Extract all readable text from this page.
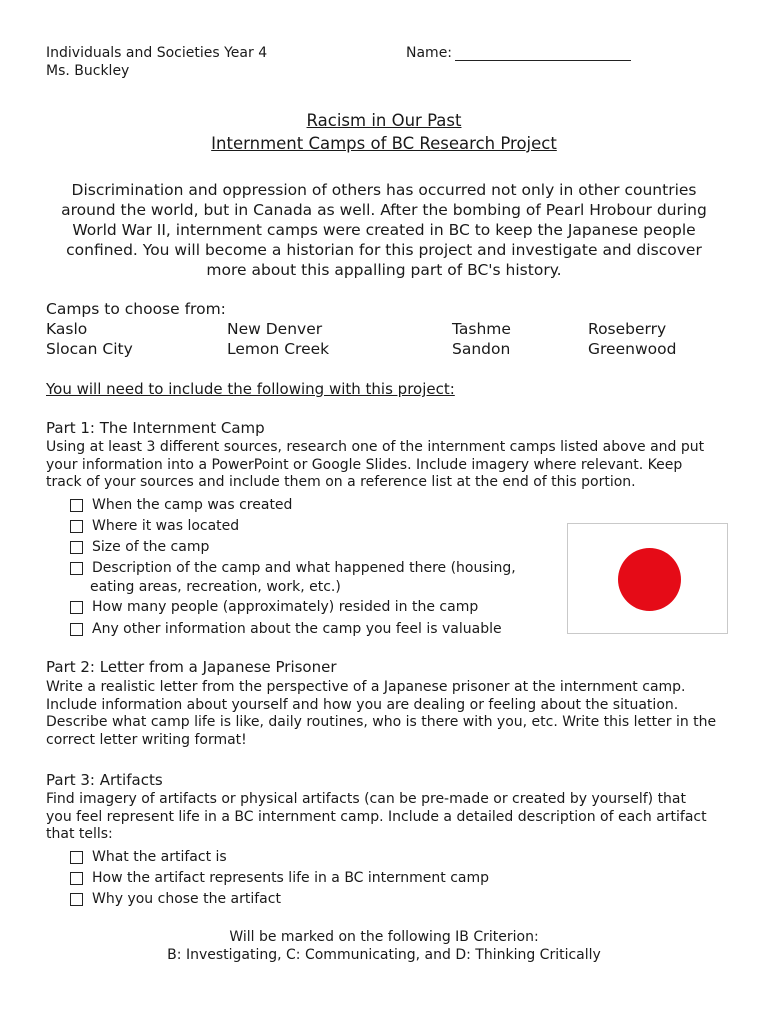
Individuals and Societies Year 4
Ms. Buckley
Name:
Racism in Our Past
Internment Camps of BC Research Project
Discrimination and oppression of others has occurred not only in other countries around the world, but in Canada as well. After the bombing of Pearl Hrobour during World War II, internment camps were created in BC to keep the Japanese people confined. You will become a historian for this project and investigate and discover more about this appalling part of BC's history.
Camps to choose from:
Kaslo	New Denver	Tashme	Roseberry
Slocan City	Lemon Creek	Sandon	Greenwood
You will need to include the following with this project:
Part 1: The Internment Camp
Using at least 3 different sources, research one of the internment camps listed above and put
your information into a PowerPoint or Google Slides. Include imagery where relevant. Keep
track of your sources and include them on a reference list at the end of this portion.
When the camp was created
Where it was located
Size of the camp
Description of the camp and what happened there (housing,
eating areas, recreation, work, etc.)
How many people (approximately) resided in the camp
Any other information about the camp you feel is valuable
Part 2: Letter from a Japanese Prisoner
Write a realistic letter from the perspective of a Japanese prisoner at the internment camp.
Include information about yourself and how you are dealing or feeling about the situation.
Describe what camp life is like, daily routines, who is there with you, etc. Write this letter in the
correct letter writing format!
Part 3: Artifacts
Find imagery of artifacts or physical artifacts (can be pre-made or created by yourself) that
you feel represent life in a BC internment camp. Include a detailed description of each artifact
that tells:
What the artifact is
How the artifact represents life in a BC internment camp
Why you chose the artifact
Will be marked on the following IB Criterion:
B: Investigating, C: Communicating, and D: Thinking Critically
